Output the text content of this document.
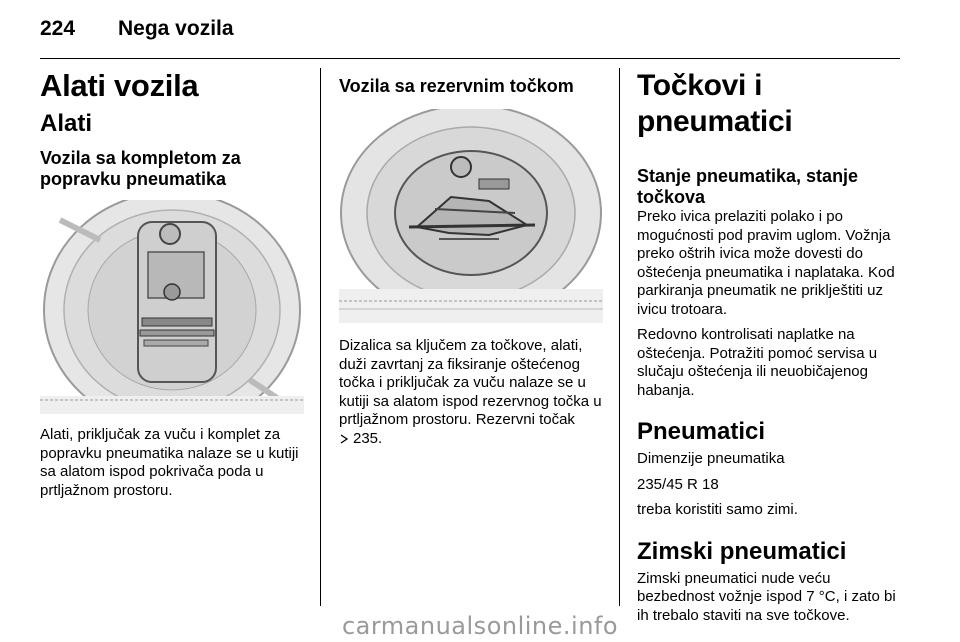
224	Nega vozila
Alati vozila
Alati
Vozila sa kompletom za popravku pneumatika

Alati, priključak za vuču i komplet za popravku pneumatika nalaze se u kutiji sa alatom ispod pokrivača poda u prtljažnom prostoru.

Vozila sa rezervnim točkom

Dizalica sa ključem za točkove, alati, duži zavrtanj za fiksiranje oštećenog točka i priključak za vuču nalaze se u kutiji sa alatom ispod rezervnog točka u prtljažnom prostoru. Rezervni točak
235.

Točkovi i pneumatici
Stanje pneumatika, stanje točkova

Preko ivica prelaziti polako i po mogućnosti pod pravim uglom. Vožnja preko oštrih ivica može dovesti do oštećenja pneumatika i naplataka. Kod parkiranja pneumatik ne priklještiti uz ivicu trotoara.

Redovno kontrolisati naplatke na oštećenja. Potražiti pomoć servisa u slučaju oštećenja ili neuobičajenog habanja.

Pneumatici

Dimenzije pneumatika

235/45 R 18

treba koristiti samo zimi.

Zimski pneumatici

Zimski pneumatici nude veću bezbednost vožnje ispod 7 °C, i zato bi ih trebalo staviti na sve točkove.

carmanualsonline.info
